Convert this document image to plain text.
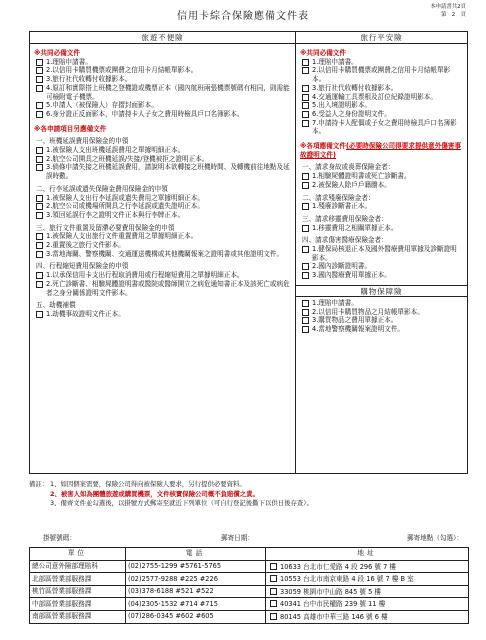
本申請書共2頁
第　2　頁
信用卡綜合保險應備文件表
旅遊不便險
※共同必備文件
1.理賠申請書。
2.以信用卡購買機票或團費之信用卡月結帳單影本。
3.旅行社代收轉付收據影本。
4.原訂和實際搭上班機之登機證或機票正本（國內航班兩張機票號碼有相同，則需能可檢附電子機票。
5.申請人（被保險人）存摺封面影本。
6.身分證正反面影本，申請持卡人子女之費用時檢具戶口名簿影本。
※各申請項目另應備文件
一、班機延誤費用保險金的申領
1.被保險人支出班機延誤費用之單據明細正本。
2.航空公司開具之班機延誤/失接/登機被拒之證明正本。
3.倘條申請失接之班機延誤費用，請說明本欲轉接之班機時間、及轉機前往地點及延誤時數。
二、行李延誤或遺失保險金費用保險金的申領
1.被保險人支出行李延誤或遺失費用之單據明細正本。
2.航空公司或機場所開具之行李延誤或遺失證明正本。
3.領回延誤行李之證明文件正本與行李牌正本。
三、旅行文件重置及留滯必要費用保險金的申領
1.被保險人支出旅行文件重置費用之單據明細正本。
2.重置後之旅行文件影本。
3.當地海關、警察機關、交通運送機構或其他機關報案之證明書或其他證明文件。
四、行程縮短費用保險金的申領
1.以承保信用卡支出行程取消費用或行程縮短費用之單據明細正本。
2.死亡診斷書、相驗屍體證明書或醫院或醫師開立之病危通知書正本及該死亡或病危者之身分關係證明文件影本。
五、劫機補償
1.劫機事故證明文件正本。
旅行平安險
※共同必備文件
1.理賠申請書。
2.以信用卡購買機票或團費之信用卡月結帳單影本。
3.旅行社代收轉付收據影本。
4.交通運輸工具票根及訂位紀錄證明影本。
5.出入境證明影本。
6.受益人之身份證明文件。
7.申請持卡人配偶或子女之費用時檢具戶口名簿影本。
※各項應備文件(必要時保險公司得要求提供意外傷害事故證明文件)
一、請求身故或喪葬保險金者：
1.相驗屍體證明書或死亡診斷書。
2.被保險人除戶戶籍謄本。
二、請求殘廢保險金者：
1.殘廢診斷書正本。
三、請求移靈費用保險金者：
1.移靈費用之相關單據正本。
四、請求傷害醫療保險金者：
1.健保局核退正本及國外醫療費用單據及診斷證明影本。
2.國內診斷證明書。
3.國內醫療費用單據正本。
購物保障險
1.理賠申請書。
2.以信用卡購買物品之月結帳單影本。
3.購買物品之費用單據正本。
4.當地警察機關報案證明文件。
備註： 1、如因個案需要，保險公司得向被保險人要求，另行提供必要資料。
2、被害人如為團體旅遊或購買機票，文件核實保險公司概不負賠償之責。
3、備齊文件並勾選後，以掛號方式郵寄至就近下列單位（可自行登記後撕下以供日後存查）。
掛號號碼：	郵寄日期：	郵寄地點（勾選）：
單位	電話	地址
總公司意外險部理賠科	(02)2755-1299 #5761-5765	10633 台北市仁愛路 4 段 296 號 7 樓
北部區營業部服務課	(02)2577-9288 #225 #226	10553 台北市南京東路 4 段 16 號 7 樓 B 室
桃竹區營業部服務課	(03)378-6188 #521 #522	33059 桃園市中山路 845 號 5 樓
中部區營業部服務課	(04)2305-1532 #714 #715	40341 台中市民權路 239 號 11 樓
南部區營業部服務課	(07)286-0345 #602 #605	80145 高雄市中華三路 146 號 6 樓
